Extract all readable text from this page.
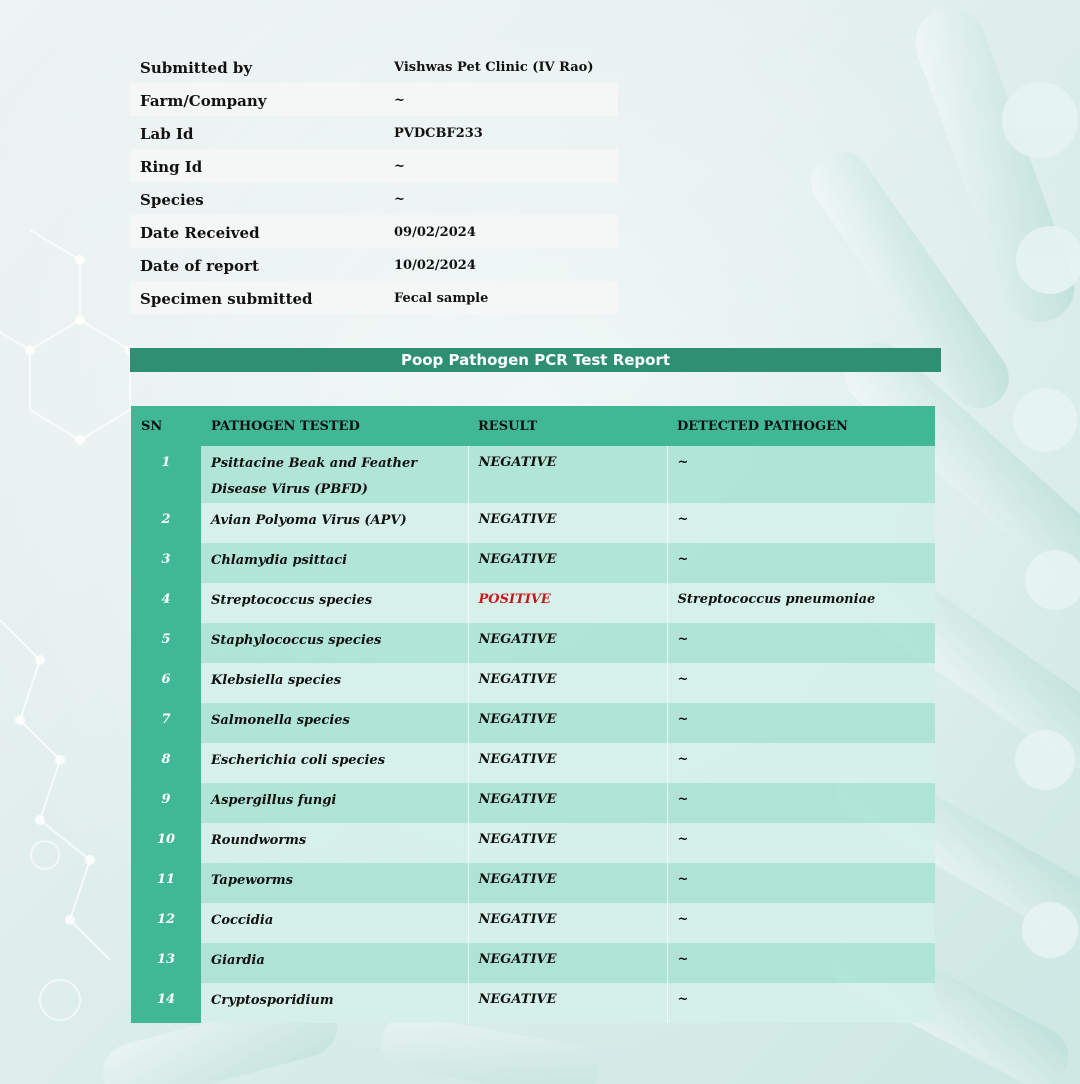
Submitted by	Vishwas Pet Clinic (IV Rao)
Farm/Company	~
Lab Id	PVDCBF233
Ring Id	~
Species	~
Date Received	09/02/2024
Date of report	10/02/2024
Specimen submitted	Fecal sample
Poop Pathogen PCR Test Report
SN	PATHOGEN TESTED	RESULT	DETECTED PATHOGEN
1	Psittacine Beak and Feather Disease Virus (PBFD)	NEGATIVE	~
2	Avian Polyoma Virus (APV)	NEGATIVE	~
3	Chlamydia psittaci	NEGATIVE	~
4	Streptococcus species	POSITIVE	Streptococcus pneumoniae
5	Staphylococcus species	NEGATIVE	~
6	Klebsiella species	NEGATIVE	~
7	Salmonella species	NEGATIVE	~
8	Escherichia coli species	NEGATIVE	~
9	Aspergillus fungi	NEGATIVE	~
10	Roundworms	NEGATIVE	~
11	Tapeworms	NEGATIVE	~
12	Coccidia	NEGATIVE	~
13	Giardia	NEGATIVE	~
14	Cryptosporidium	NEGATIVE	~
